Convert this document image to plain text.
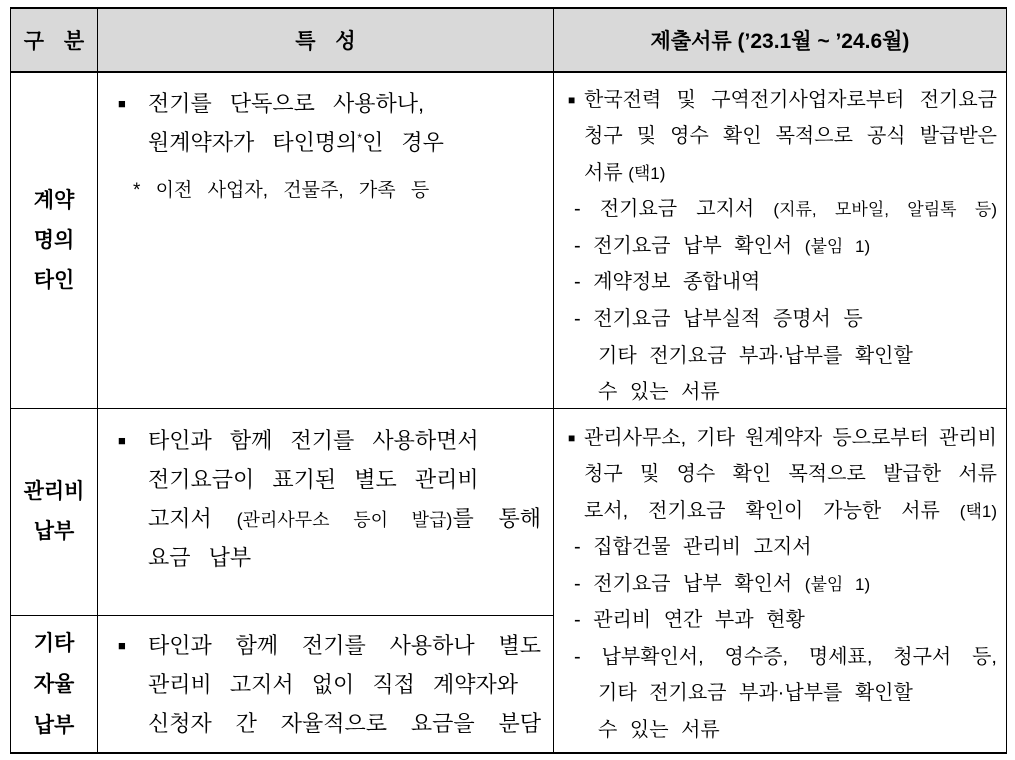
구 분	특 성	제출서류 (’23.1월 ~ ’24.6월)
계약
명의
타인
■ 전기를 단독으로 사용하나,
원계약자가 타인명의*인 경우
* 이전 사업자, 건물주, 가족 등
■ 한국전력 및 구역전기사업자로부터 전기요금
청구 및 영수 확인 목적으로 공식 발급받은
서류 (택1)
- 전기요금 고지서 (지류, 모바일, 알림톡 등)
- 전기요금 납부 확인서 (붙임 1)
- 계약정보 종합내역
- 전기요금 납부실적 증명서 등
기타 전기요금 부과·납부를 확인할
수 있는 서류
관리비
납부
■ 타인과 함께 전기를 사용하면서
전기요금이 표기된 별도 관리비
고지서 (관리사무소 등이 발급)를 통해
요금 납부
기타
자율
납부
■ 타인과 함께 전기를 사용하나 별도
관리비 고지서 없이 직접 계약자와
신청자 간 자율적으로 요금을 분담
■ 관리사무소, 기타 원계약자 등으로부터 관리비
청구 및 영수 확인 목적으로 발급한 서류
로서, 전기요금 확인이 가능한 서류 (택1)
- 집합건물 관리비 고지서
- 전기요금 납부 확인서 (붙임 1)
- 관리비 연간 부과 현황
- 납부확인서, 영수증, 명세표, 청구서 등,
기타 전기요금 부과·납부를 확인할
수 있는 서류
